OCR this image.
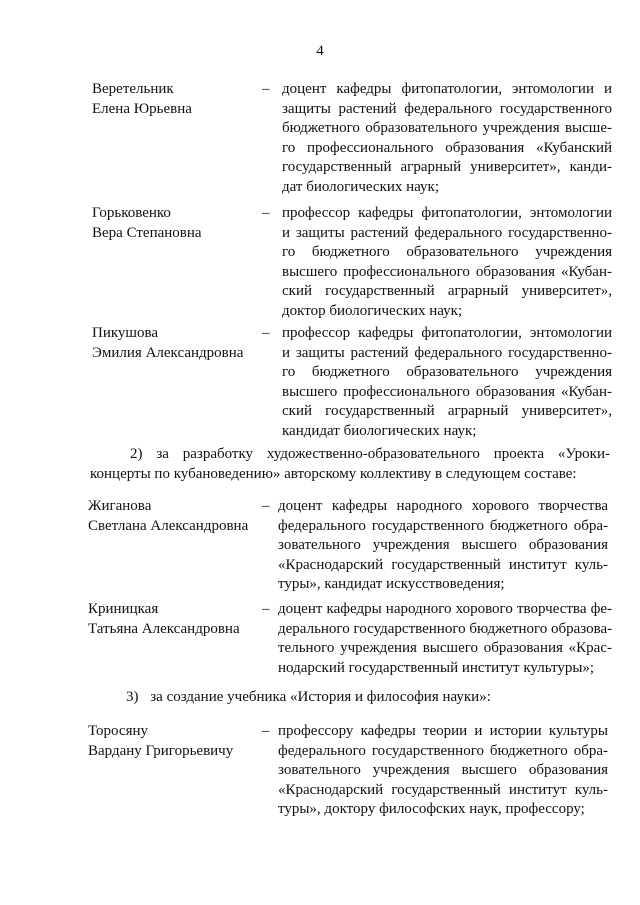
4
Веретельник
Елена Юрьевна
– доцент кафедры фитопатологии, энтомологии и
защиты растений федерального государственного
бюджетного образовательного учреждения высше-
го профессионального образования «Кубанский
государственный аграрный университет», канди-
дат биологических наук;
Горьковенко
Вера Степановна
– профессор кафедры фитопатологии, энтомологии
и защиты растений федерального государственно-
го бюджетного образовательного учреждения
высшего профессионального образования «Кубан-
ский государственный аграрный университет»,
доктор биологических наук;
Пикушова
Эмилия Александровна
– профессор кафедры фитопатологии, энтомологии
и защиты растений федерального государственно-
го бюджетного образовательного учреждения
высшего профессионального образования «Кубан-
ский государственный аграрный университет»,
кандидат биологических наук;
2) за разработку художественно-образовательного проекта «Уроки-
концерты по кубановедению» авторскому коллективу в следующем составе:
Жиганова
Светлана Александровна
– доцент кафедры народного хорового творчества
федерального государственного бюджетного обра-
зовательного учреждения высшего образования
«Краснодарский государственный институт куль-
туры», кандидат искусствоведения;
Криницкая
Татьяна Александровна
– доцент кафедры народного хорового творчества фе-
дерального государственного бюджетного образова-
тельного учреждения высшего образования «Крас-
нодарский государственный институт культуры»;
3) за создание учебника «История и философия науки»:
Торосяну
Вардану Григорьевичу
– профессору кафедры теории и истории культуры
федерального государственного бюджетного обра-
зовательного учреждения высшего образования
«Краснодарский государственный институт куль-
туры», доктору философских наук, профессору;
